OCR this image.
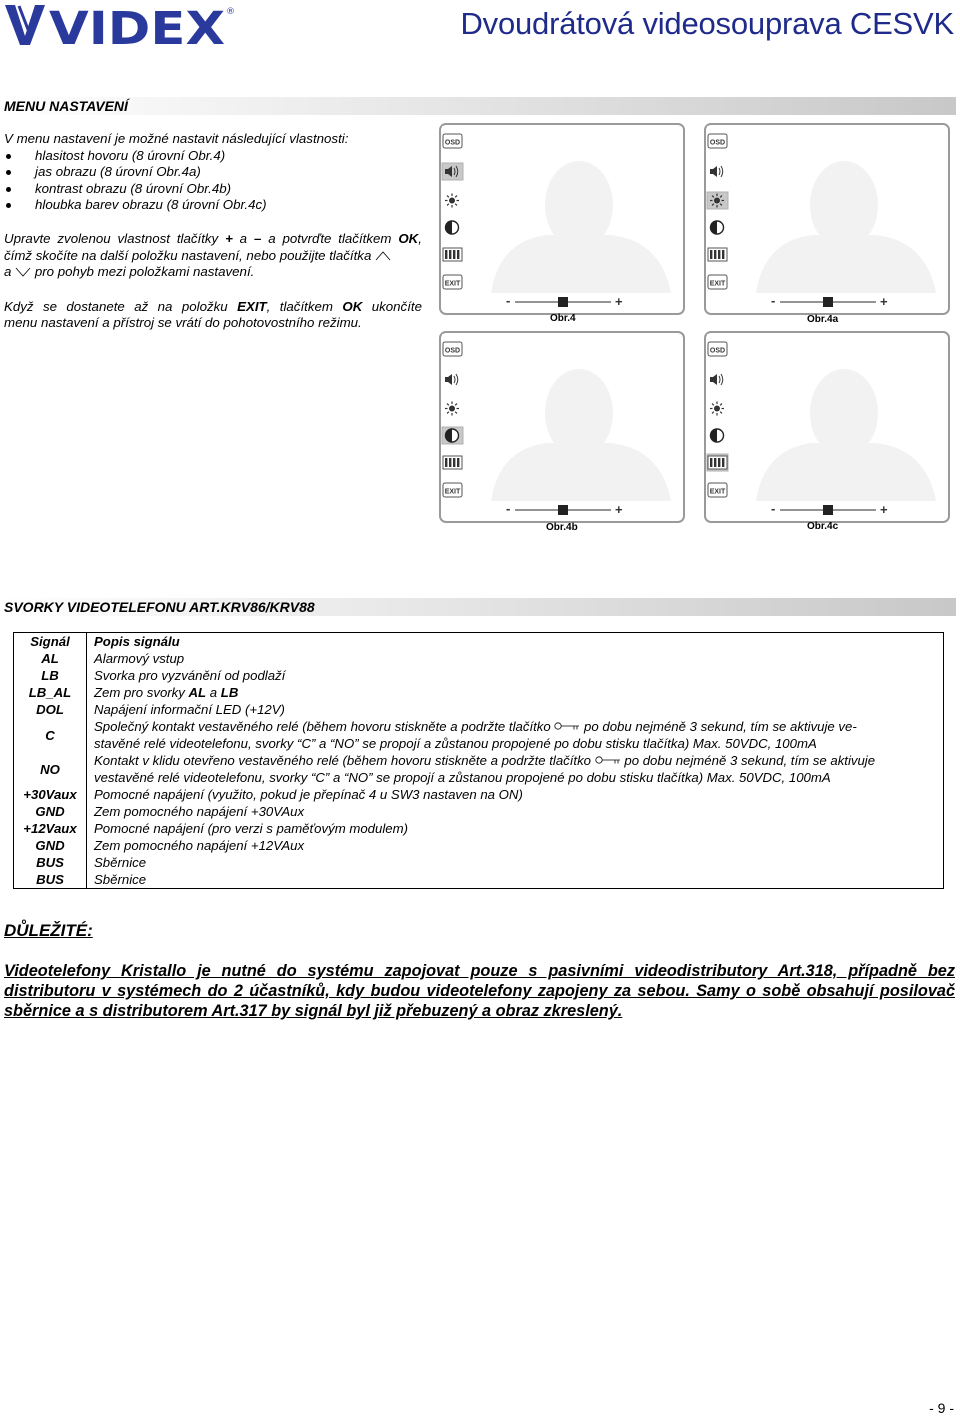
VIDEX ®	Dvoudrátová videosouprava CESVK
MENU NASTAVENÍ

V menu nastavení je možné nastavit následující vlastnosti:

hlasitost hovoru (8 úrovní Obr.4)
jas obrazu (8 úrovní Obr.4a)
kontrast obrazu (8 úrovní Obr.4b)
hloubka barev obrazu (8 úrovní Obr.4c)

Upravte zvolenou vlastnost tlačítky + a – a potvrďte tlačítkem OK,
čímž skočíte na další položku nastavení, nebo použijte tlačítka
a pro pohyb mezi položkami nastavení.

Když se dostanete až na položku EXIT, tlačítkem OK ukončíte
menu nastavení a přístroj se vrátí do pohotovostního režimu.

OSD
EXIT
-	+
OSD
EXIT
-	+
OSD
EXIT
-	+
OSD
EXIT
-	+
Obr.4	Obr.4a
Obr.4b	Obr.4c
SVORKY VIDEOTELEFONU ART.KRV86/KRV88
Signál	Popis signálu
AL	Alarmový vstup
LB	Svorka pro vyzvánění od podlaží
LB_AL	Zem pro svorky AL a LB
DOL	Napájení informační LED (+12V)
C	Společný kontakt vestavěného relé (během hovoru stiskněte a podržte tlačítko po dobu nejméně 3 sekund, tím se aktivuje ve-
stavěné relé videotelefonu, svorky “C” a “NO” se propojí a zůstanou propojené po dobu stisku tlačítka) Max. 50VDC, 100mA
NO	Kontakt v klidu otevřeno vestavěného relé (během hovoru stiskněte a podržte tlačítko po dobu nejméně 3 sekund, tím se aktivuje
vestavěné relé videotelefonu, svorky “C” a “NO” se propojí a zůstanou propojené po dobu stisku tlačítka) Max. 50VDC, 100mA
+30Vaux	Pomocné napájení (využito, pokud je přepínač 4 u SW3 nastaven na ON)
GND	Zem pomocného napájení +30VAux
+12Vaux	Pomocné napájení (pro verzi s paměťovým modulem)
GND	Zem pomocného napájení +12VAux
BUS	Sběrnice
BUS	Sběrnice
DŮLEŽITÉ:
Videotelefony Kristallo je nutné do systému zapojovat pouze s pasivními videodistributory Art.318, případně bez distributoru v systémech do 2 účastníků, kdy budou videotelefony zapojeny za sebou. Samy o sobě obsahují posilovač sběrnice a s distributorem Art.317 by signál byl již přebuzený a obraz zkreslený.
- 9 -
